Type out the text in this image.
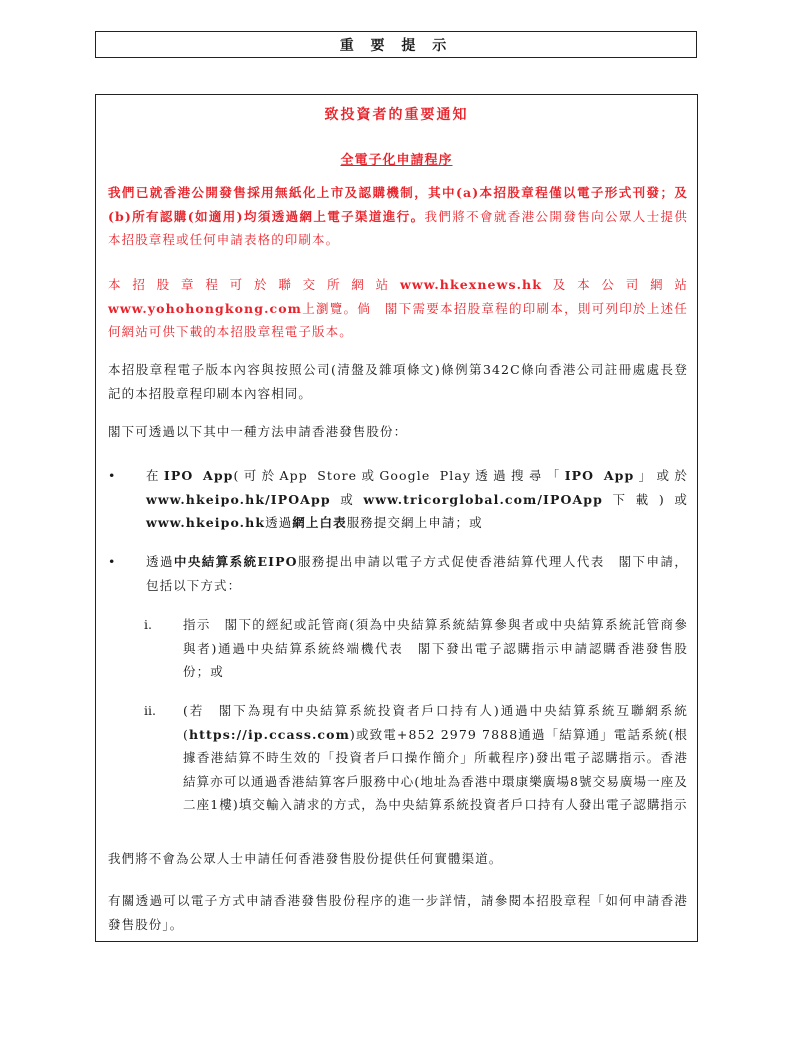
重 要 提 示
致投資者的重要通知
全電子化申請程序

我們已就香港公開發售採用無紙化上市及認購機制，其中(a)本招股章程僅以電子形式刊發；及(b)所有認購(如適用)均須透過網上電子渠道進行。我們將不會就香港公開發售向公眾人士提供本招股章程或任何申請表格的印刷本。

本招股章程可於聯交所網站www.hkexnews.hk及本公司網站www.yohohongkong.com上瀏覽。倘　閣下需要本招股章程的印刷本，則可列印於上述任何網站可供下載的本招股章程電子版本。

本招股章程電子版本內容與按照公司(清盤及雜項條文)條例第342C條向香港公司註冊處處長登記的本招股章程印刷本內容相同。

閣下可透過以下其中一種方法申請香港發售股份：

• 在IPO App(可於App Store或Google Play透過搜尋「IPO App」或於www.hkeipo.hk/IPOApp或www.tricorglobal.com/IPOApp下載)或www.hkeipo.hk透過網上白表服務提交網上申請；或

• 透過中央結算系統EIPO服務提出申請以電子方式促使香港結算代理人代表　閣下申請，包括以下方式：

i. 指示　閣下的經紀或託管商(須為中央結算系統結算參與者或中央結算系統託管商參與者)通過中央結算系統終端機代表　閣下發出電子認購指示申請認購香港發售股份；或

ii. (若　閣下為現有中央結算系統投資者戶口持有人)通過中央結算系統互聯網系統(https://ip.ccass.com)或致電+852 2979 7888通過「結算通」電話系統(根據香港結算不時生效的「投資者戶口操作簡介」所載程序)發出電子認購指示。香港結算亦可以通過香港結算客戶服務中心(地址為香港中環康樂廣場8號交易廣場一座及二座1樓)填交輸入請求的方式，為中央結算系統投資者戶口持有人發出電子認購指示

我們將不會為公眾人士申請任何香港發售股份提供任何實體渠道。

有關透過可以電子方式申請香港發售股份程序的進一步詳情，請參閱本招股章程「如何申請香港發售股份」。
